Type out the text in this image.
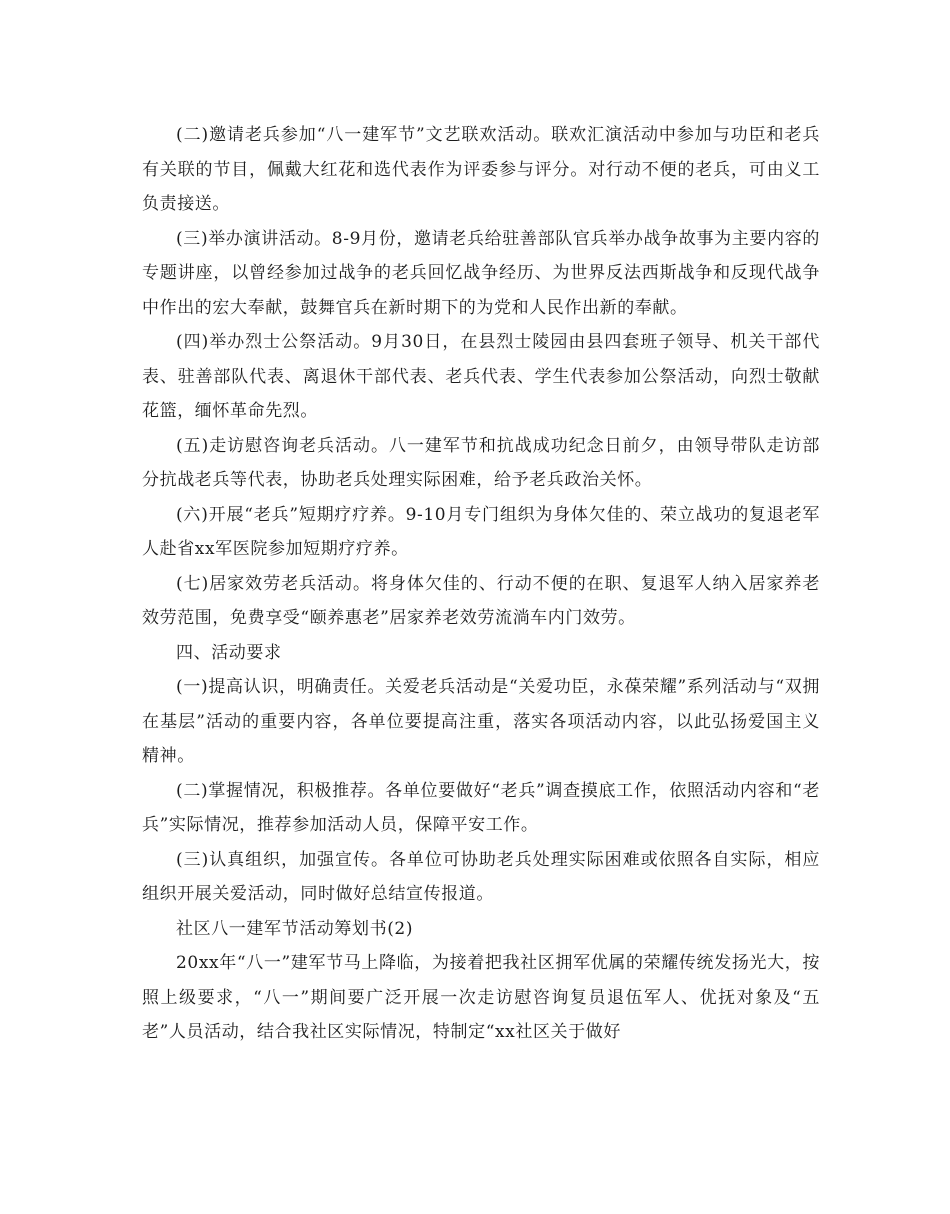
(二)邀请老兵参加“八一建军节”文艺联欢活动。联欢汇演活动中参加与功臣和老兵有关联的节目，佩戴大红花和选代表作为评委参与评分。对行动不便的老兵，可由义工负责接送。

(三)举办演讲活动。8-9月份，邀请老兵给驻善部队官兵举办战争故事为主要内容的专题讲座，以曾经参加过战争的老兵回忆战争经历、为世界反法西斯战争和反现代战争中作出的宏大奉献，鼓舞官兵在新时期下的为党和人民作出新的奉献。

(四)举办烈士公祭活动。9月30日，在县烈士陵园由县四套班子领导、机关干部代表、驻善部队代表、离退休干部代表、老兵代表、学生代表参加公祭活动，向烈士敬献花篮，缅怀革命先烈。

(五)走访慰咨询老兵活动。八一建军节和抗战成功纪念日前夕，由领导带队走访部分抗战老兵等代表，协助老兵处理实际困难，给予老兵政治关怀。

(六)开展“老兵”短期疗疗养。9-10月专门组织为身体欠佳的、荣立战功的复退老军人赴省xx军医院参加短期疗疗养。

(七)居家效劳老兵活动。将身体欠佳的、行动不便的在职、复退军人纳入居家养老效劳范围，免费享受“颐养惠老”居家养老效劳流淌车内门效劳。

四、活动要求

(一)提高认识，明确责任。关爱老兵活动是“关爱功臣，永葆荣耀”系列活动与“双拥在基层”活动的重要内容，各单位要提高注重，落实各项活动内容，以此弘扬爱国主义精神。

(二)掌握情况，积极推荐。各单位要做好“老兵”调查摸底工作，依照活动内容和“老兵”实际情况，推荐参加活动人员，保障平安工作。

(三)认真组织，加强宣传。各单位可协助老兵处理实际困难或依照各自实际，相应组织开展关爱活动，同时做好总结宣传报道。

社区八一建军节活动筹划书(2)

20xx年“八一”建军节马上降临，为接着把我社区拥军优属的荣耀传统发扬光大，按照上级要求，“八一”期间要广泛开展一次走访慰咨询复员退伍军人、优抚对象及“五老”人员活动，结合我社区实际情况，特制定“xx社区关于做好
